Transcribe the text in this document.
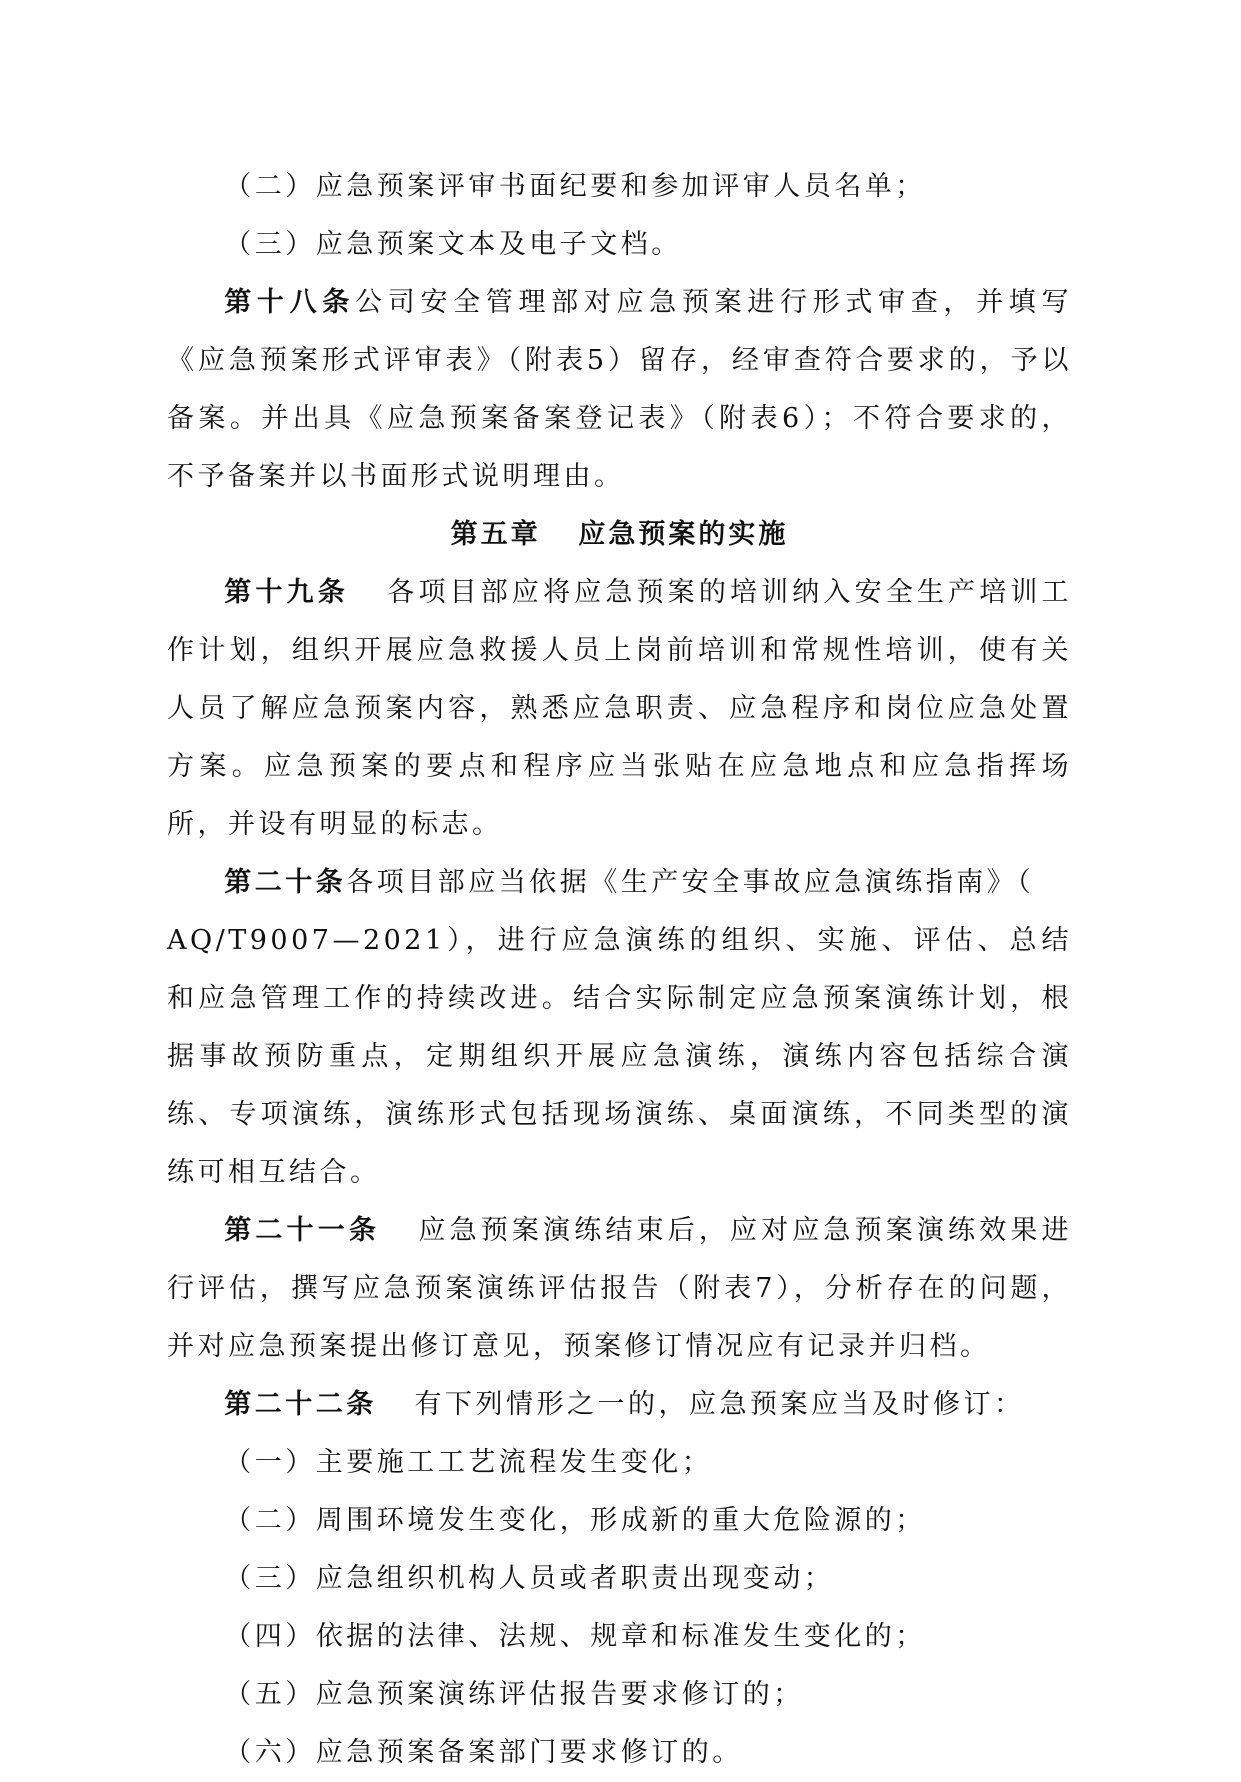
（二）应急预案评审书面纪要和参加评审人员名单；

（三）应急预案文本及电子文档。

第十八条公司安全管理部对应急预案进行形式审查，并填写《应急预案形式评审表》（附表5）留存，经审查符合要求的，予以备案。并出具《应急预案备案登记表》（附表6）；不符合要求的，不予备案并以书面形式说明理由。

第五章 应急预案的实施

第十九条 各项目部应将应急预案的培训纳入安全生产培训工作计划，组织开展应急救援人员上岗前培训和常规性培训，使有关人员了解应急预案内容，熟悉应急职责、应急程序和岗位应急处置方案。应急预案的要点和程序应当张贴在应急地点和应急指挥场所，并设有明显的标志。

第二十条各项目部应当依据《生产安全事故应急演练指南》（
AQ/T9007—2021），进行应急演练的组织、实施、评估、总结和应急管理工作的持续改进。结合实际制定应急预案演练计划，根据事故预防重点，定期组织开展应急演练，演练内容包括综合演练、专项演练，演练形式包括现场演练、桌面演练，不同类型的演练可相互结合。

第二十一条 应急预案演练结束后，应对应急预案演练效果进行评估，撰写应急预案演练评估报告（附表7），分析存在的问题，并对应急预案提出修订意见，预案修订情况应有记录并归档。

第二十二条 有下列情形之一的，应急预案应当及时修订：

（一）主要施工工艺流程发生变化；

（二）周围环境发生变化，形成新的重大危险源的；

（三）应急组织机构人员或者职责出现变动；

（四）依据的法律、法规、规章和标准发生变化的；

（五）应急预案演练评估报告要求修订的；

（六）应急预案备案部门要求修订的。
